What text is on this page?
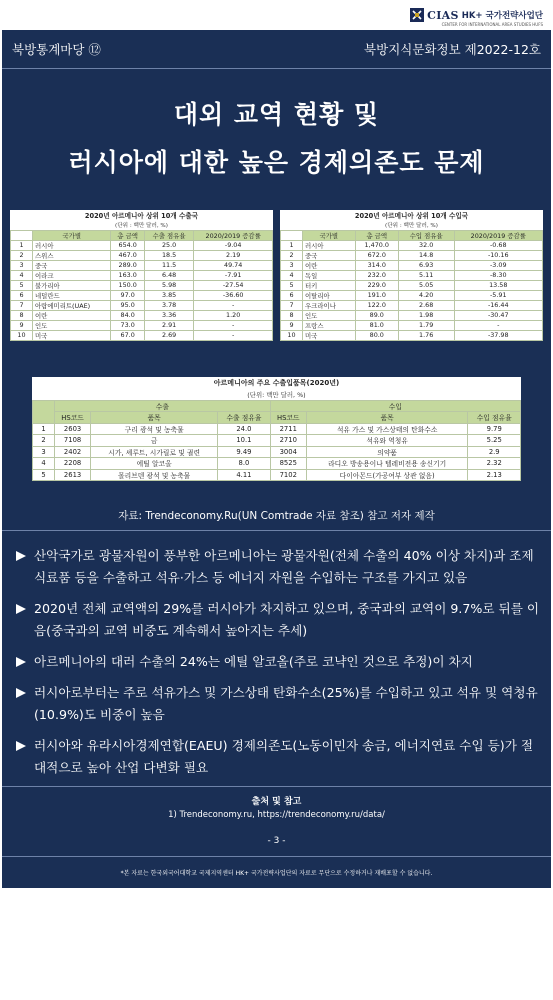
CIAS HK+ 국가전략사업단
CENTER FOR INTERNATIONAL AREA STUDIES HUFS
북방통계마당 ⑫	북방지식문화정보 제2022-12호
대외 교역 현황 및
러시아에 대한 높은 경제의존도 문제
2020년 아르메니아 상위 10개 수출국				
(단위 : 백만 달러, %)				
	국가별	총 금액	수출 점유율	2020/2019 증감률
1	러시아	654.0	25.0	-9.04
2	스위스	467.0	18.5	2.19
3	중국	289.0	11.5	49.74
4	이라크	163.0	6.48	-7.91
5	불가리아	150.0	5.98	-27.54
6	네덜란드	97.0	3.85	-36.60
7	아랍에미리트(UAE)	95.0	3.78	-
8	이란	84.0	3.36	1.20
9	인도	73.0	2.91	-
10	미국	67.0	2.69	-
2020년 아르메니아 상위 10개 수입국				
(단위 : 백만 달러, %)				
	국가별	총 금액	수입 점유율	2020/2019 증감률
1	러시아	1,470.0	32.0	-0.68
2	중국	672.0	14.8	-10.16
3	이란	314.0	6.93	-3.09
4	독일	232.0	5.11	-8.30
5	터키	229.0	5.05	13.58
6	이탈리아	191.0	4.20	-5.91
7	우크라이나	122.0	2.68	-16.44
8	인도	89.0	1.98	-30.47
9	프랑스	81.0	1.79	-
10	미국	80.0	1.76	-37.98
아르메니아의 주요 수출입품목(2020년)						
(단위: 백만 달러, %)						
	수출			수입		
	HS코드	품목	수출 점유율	HS코드	품목	수입 점유율
1	2603	구리 광석 및 농축물	24.0	2711	석유 가스 및 가스상태의 탄화수소	9.79
2	7108	금	10.1	2710	석유와 역청유	5.25
3	2402	시가, 셰루트, 시가릴로 및 궐련	9.49	3004	의약품	2.9
4	2208	에틸 알코올	8.0	8525	라디오 방송용이나 텔레비전용 송신기기	2.32
5	2613	몰리브덴 광석 및 농축물	4.11	7102	다이아몬드(가공여부 상관 없음)	2.13
자료: Trendeconomy.Ru(UN Comtrade 자료 참조) 참고 저자 제작
산악국가로 광물자원이 풍부한 아르메니아는 광물자원(전체 수출의 40% 이상 차지)과 조제식료품 등을 수출하고 석유·가스 등 에너지 자원을 수입하는 구조를 가지고 있음
2020년 전체 교역액의 29%를 러시아가 차지하고 있으며, 중국과의 교역이 9.7%로 뒤를 이음(중국과의 교역 비중도 계속해서 높아지는 추세)
아르메니아의 대러 수출의 24%는 에틸 알코올(주로 코냑인 것으로 추정)이 차지
러시아로부터는 주로 석유가스 및 가스상태 탄화수소(25%)를 수입하고 있고 석유 및 역청유(10.9%)도 비중이 높음
러시아와 유라시아경제연합(EAEU) 경제의존도(노동이민자 송금, 에너지연료 수입 등)가 절대적으로 높아 산업 다변화 필요
출처 및 참고
1) Trendeconomy.ru, https://trendeconomy.ru/data/
- 3 -
*본 자료는 한국외국어대학교 국제지역센터 HK+ 국가전략사업단의 자료로 무단으로 수정하거나 재배포할 수 없습니다.
